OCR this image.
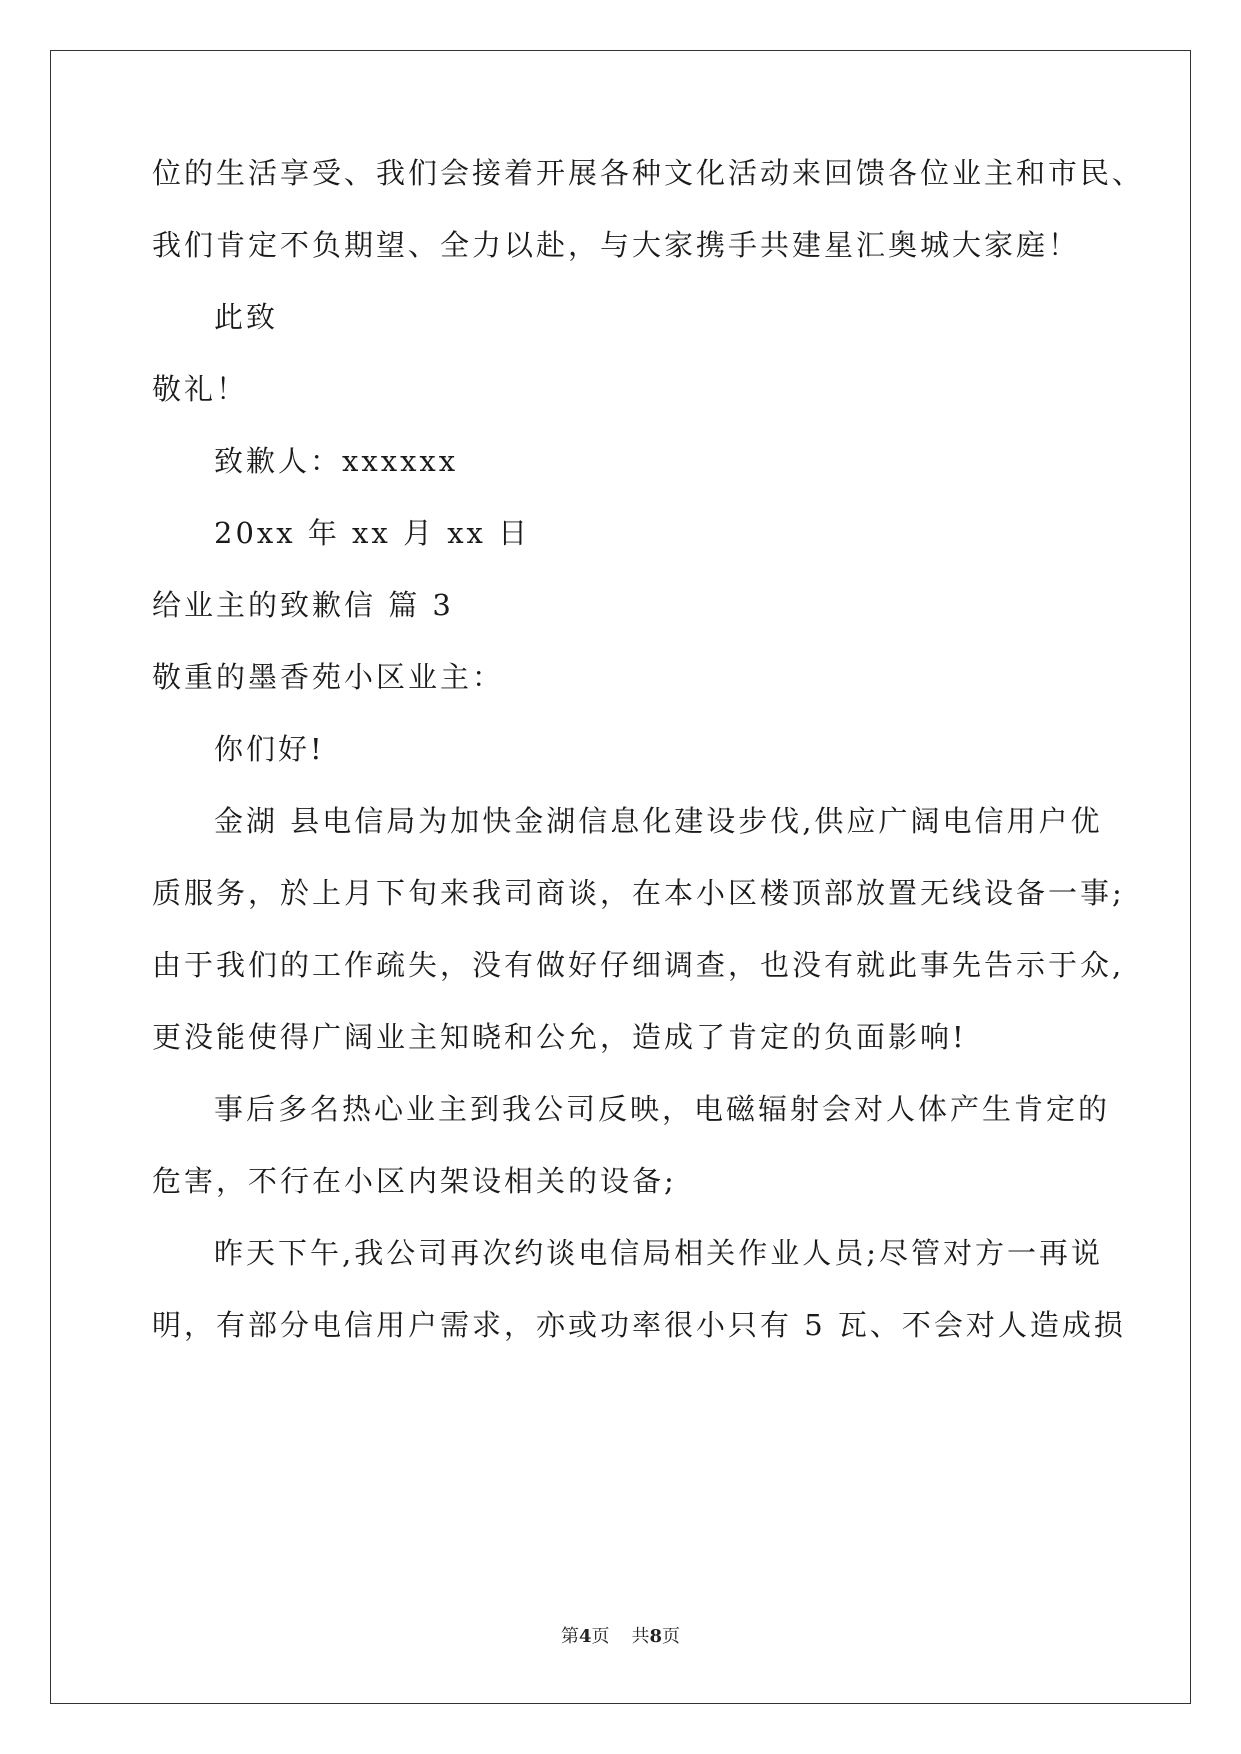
位的生活享受、我们会接着开展各种文化活动来回馈各位业主和市民、
我们肯定不负期望、全力以赴，与大家携手共建星汇奥城大家庭！
此致
敬礼！
致歉人：xxxxxx
20xx 年 xx 月 xx 日
给业主的致歉信 篇 3
敬重的墨香苑小区业主：
你们好!
金湖 县电信局为加快金湖信息化建设步伐,供应广阔电信用户优
质服务，於上月下旬来我司商谈，在本小区楼顶部放置无线设备一事;
由于我们的工作疏失，没有做好仔细调查，也没有就此事先告示于众,
更没能使得广阔业主知晓和公允，造成了肯定的负面影响!
事后多名热心业主到我公司反映，电磁辐射会对人体产生肯定的
危害，不行在小区内架设相关的设备;
昨天下午,我公司再次约谈电信局相关作业人员;尽管对方一再说
明，有部分电信用户需求，亦或功率很小只有 5 瓦、不会对人造成损
第4页 共8页
